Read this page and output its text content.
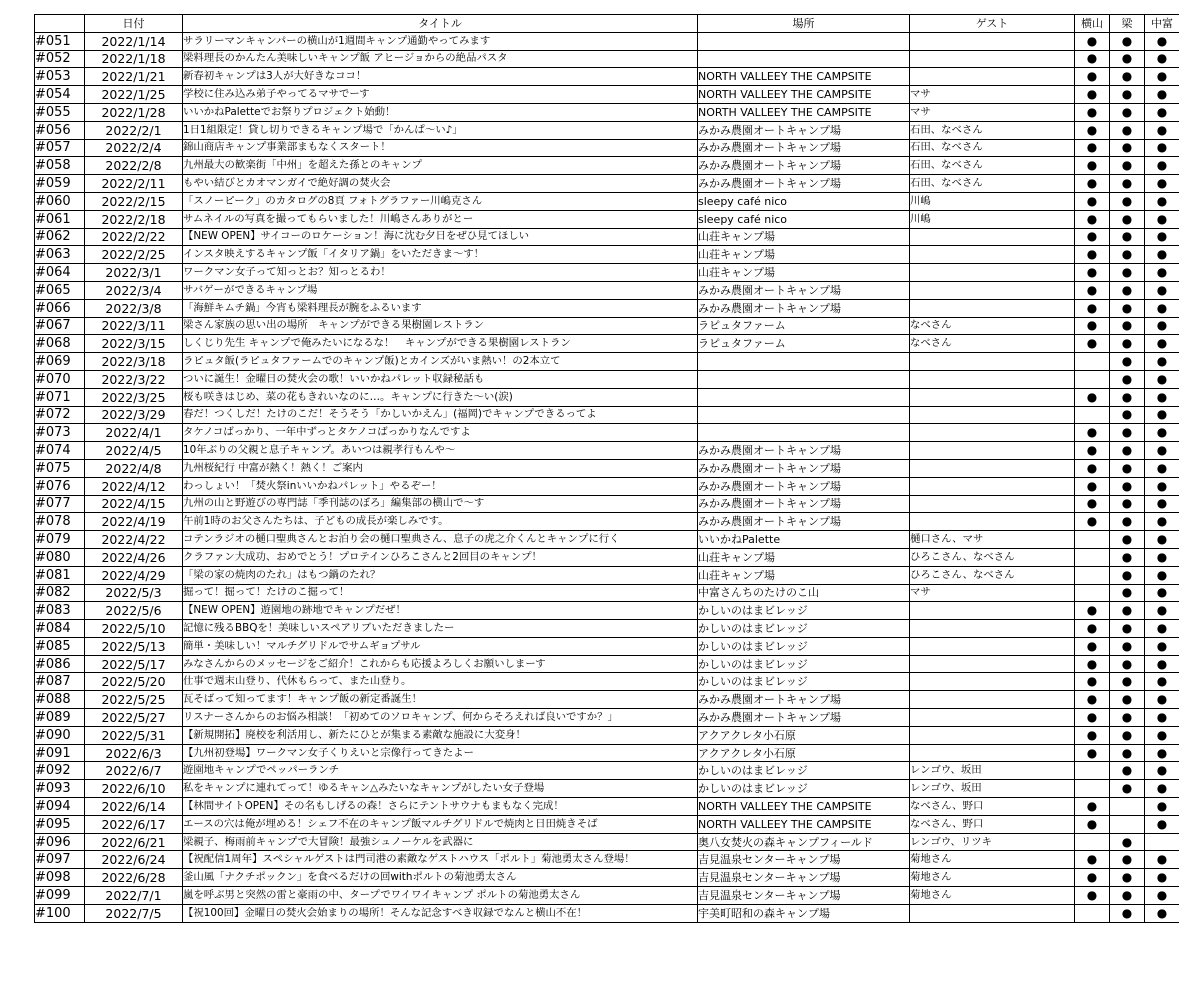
	日付	タイトル	場所	ゲスト	横山	梁	中富
#051	2022/1/14	サラリーマンキャンパーの横山が1週間キャンプ通勤やってみます			●	●	●
#052	2022/1/18	梁料理長のかんたん美味しいキャンプ飯 アヒージョからの絶品パスタ			●	●	●
#053	2022/1/21	新春初キャンプは3人が大好きなココ！	NORTH VALLEEY THE CAMPSITE		●	●	●
#054	2022/1/25	学校に住み込み弟子やってるマサでーす	NORTH VALLEEY THE CAMPSITE	マサ	●	●	●
#055	2022/1/28	いいかねPaletteでお祭りプロジェクト始動！	NORTH VALLEEY THE CAMPSITE	マサ	●	●	●
#056	2022/2/1	1日1組限定！貸し切りできるキャンプ場で「かんぱ～い♪」	みかみ農園オートキャンプ場	石田、なべさん	●	●	●
#057	2022/2/4	錦山商店キャンプ事業部まもなくスタート！	みかみ農園オートキャンプ場	石田、なべさん	●	●	●
#058	2022/2/8	九州最大の歓楽街「中州」を超えた孫とのキャンプ	みかみ農園オートキャンプ場	石田、なべさん	●	●	●
#059	2022/2/11	もやい結びとカオマンガイで絶好調の焚火会	みかみ農園オートキャンプ場	石田、なべさん	●	●	●
#060	2022/2/15	「スノーピーク」のカタログの8頁 フォトグラファー川嶋克さん	sleepy café nico	川嶋	●	●	●
#061	2022/2/18	サムネイルの写真を撮ってもらいました！川嶋さんありがとー	sleepy café nico	川嶋	●	●	●
#062	2022/2/22	【NEW OPEN】サイコーのロケーション！海に沈む夕日をぜひ見てほしい	山荘キャンプ場		●	●	●
#063	2022/2/25	インスタ映えするキャンプ飯「イタリア鍋」をいただきま～す！	山荘キャンプ場		●	●	●
#064	2022/3/1	ワークマン女子って知っとお？知っとるわ！	山荘キャンプ場		●	●	●
#065	2022/3/4	サバゲーができるキャンプ場	みかみ農園オートキャンプ場		●	●	●
#066	2022/3/8	「海鮮キムチ鍋」今宵も梁料理長が腕をふるいます	みかみ農園オートキャンプ場		●	●	●
#067	2022/3/11	梁さん家族の思い出の場所　キャンプができる果樹園レストラン	ラピュタファーム	なべさん	●	●	●
#068	2022/3/15	しくじり先生 キャンプで俺みたいになるな！　キャンプができる果樹園レストラン	ラピュタファーム	なべさん	●	●	●
#069	2022/3/18	ラピュタ飯(ラピュタファームでのキャンプ飯)とカインズがいま熱い！の2本立て				●	●
#070	2022/3/22	ついに誕生！金曜日の焚火会の歌！いいかねパレット収録秘話も				●	●
#071	2022/3/25	桜も咲きはじめ、菜の花もきれいなのに…。キャンプに行きた～い(涙)			●	●	●
#072	2022/3/29	春だ！つくしだ！たけのこだ！そうそう「かしいかえん」(福岡)でキャンプできるってよ				●	●
#073	2022/4/1	タケノコばっかり、一年中ずっとタケノコばっかりなんですよ			●	●	●
#074	2022/4/5	10年ぶりの父親と息子キャンプ。あいつは親孝行もんや～	みかみ農園オートキャンプ場		●	●	●
#075	2022/4/8	九州桜紀行 中富が熱く！熱く！ご案内	みかみ農園オートキャンプ場		●	●	●
#076	2022/4/12	わっしょい！「焚火祭inいいかねパレット」やるぞー！	みかみ農園オートキャンプ場		●	●	●
#077	2022/4/15	九州の山と野遊びの専門誌「季刊誌のぼろ」編集部の横山で～す	みかみ農園オートキャンプ場		●	●	●
#078	2022/4/19	午前1時のお父さんたちは、子どもの成長が楽しみです。	みかみ農園オートキャンプ場		●	●	●
#079	2022/4/22	コテンラジオの樋口聖典さんとお泊り会の樋口聖典さん、息子の虎之介くんとキャンプに行く	いいかねPalette	樋口さん、マサ		●	●
#080	2022/4/26	クラファン大成功、おめでとう！プロテインひろこさんと2回目のキャンプ！	山荘キャンプ場	ひろこさん、なべさん		●	●
#081	2022/4/29	「梁の家の焼肉のたれ」はもつ鍋のたれ？	山荘キャンプ場	ひろこさん、なべさん		●	●
#082	2022/5/3	掘って！掘って！たけのこ掘って！	中富さんちのたけのこ山	マサ		●	●
#083	2022/5/6	【NEW OPEN】遊園地の跡地でキャンプだぜ！	かしいのはまビレッジ		●	●	●
#084	2022/5/10	記憶に残るBBQを！美味しいスペアリブいただきましたー	かしいのはまビレッジ		●	●	●
#085	2022/5/13	簡単・美味しい！マルチグリドルでサムギョプサル	かしいのはまビレッジ		●	●	●
#086	2022/5/17	みなさんからのメッセージをご紹介！これからも応援よろしくお願いしまーす	かしいのはまビレッジ		●	●	●
#087	2022/5/20	仕事で週末山登り、代休もらって、また山登り。	かしいのはまビレッジ		●	●	●
#088	2022/5/25	瓦そばって知ってます！キャンプ飯の新定番誕生！	みかみ農園オートキャンプ場		●	●	●
#089	2022/5/27	リスナーさんからのお悩み相談！「初めてのソロキャンプ、何からそろえれば良いですか？」	みかみ農園オートキャンプ場		●	●	●
#090	2022/5/31	【新規開拓】廃校を利活用し、新たにひとが集まる素敵な施設に大変身！	アクアクレタ小石原		●	●	●
#091	2022/6/3	【九州初登場】ワークマン女子くりえいと宗像行ってきたよー	アクアクレタ小石原		●	●	●
#092	2022/6/7	遊園地キャンプでペッパーランチ	かしいのはまビレッジ	レンゴウ、坂田		●	●
#093	2022/6/10	私をキャンプに連れてって！ゆるキャン△みたいなキャンプがしたい女子登場	かしいのはまビレッジ	レンゴウ、坂田		●	●
#094	2022/6/14	【林間サイトOPEN】その名もしげるの森！さらにテントサウナもまもなく完成！	NORTH VALLEEY THE CAMPSITE	なべさん、野口	●		●
#095	2022/6/17	エースの穴は俺が埋める！シェフ不在のキャンプ飯マルチグリドルで焼肉と日田焼きそば	NORTH VALLEEY THE CAMPSITE	なべさん、野口	●		●
#096	2022/6/21	梁親子、梅雨前キャンプで大冒険！最強シュノーケルを武器に	奥八女焚火の森キャンプフィールド	レンゴウ、リツキ		●	
#097	2022/6/24	【祝配信1周年】スペシャルゲストは門司港の素敵なゲストハウス「ポルト」菊池勇太さん登場！	吉見温泉センターキャンプ場	菊地さん	●	●	●
#098	2022/6/28	釜山風「ナクチポックン」を食べるだけの回withポルトの菊池勇太さん	吉見温泉センターキャンプ場	菊地さん	●	●	●
#099	2022/7/1	嵐を呼ぶ男と突然の雷と豪雨の中、タープでワイワイキャンプ ポルトの菊池勇太さん	吉見温泉センターキャンプ場	菊地さん	●	●	●
#100	2022/7/5	【祝100回】金曜日の焚火会始まりの場所！そんな記念すべき収録でなんと横山不在！	宇美町昭和の森キャンプ場			●	●
